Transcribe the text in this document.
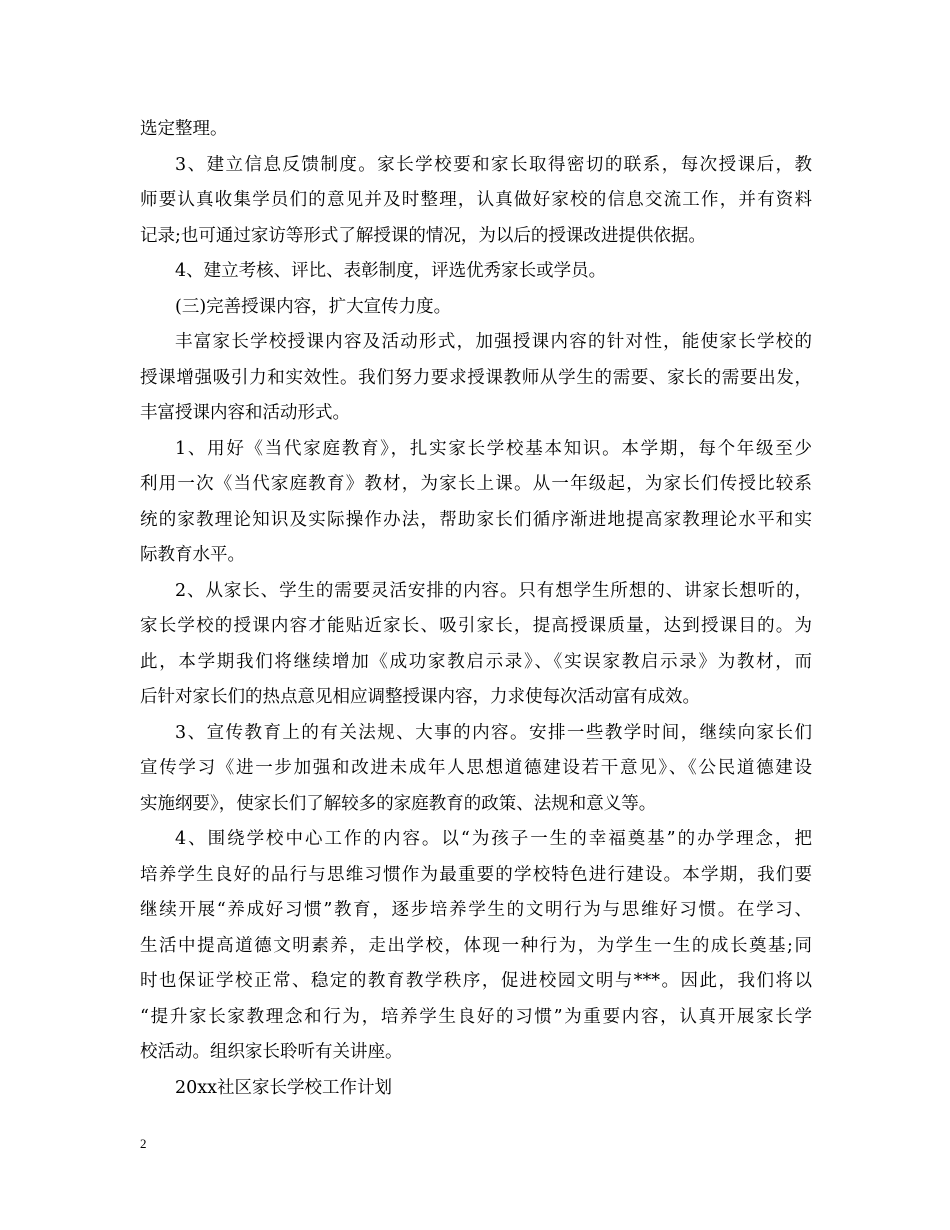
选定整理。
3、建立信息反馈制度。家长学校要和家长取得密切的联系，每次授课后，教
师要认真收集学员们的意见并及时整理，认真做好家校的信息交流工作，并有资料
记录;也可通过家访等形式了解授课的情况，为以后的授课改进提供依据。
4、建立考核、评比、表彰制度，评选优秀家长或学员。
(三)完善授课内容，扩大宣传力度。
丰富家长学校授课内容及活动形式，加强授课内容的针对性，能使家长学校的
授课增强吸引力和实效性。我们努力要求授课教师从学生的需要、家长的需要出发，
丰富授课内容和活动形式。
1、用好《当代家庭教育》，扎实家长学校基本知识。本学期，每个年级至少
利用一次《当代家庭教育》教材，为家长上课。从一年级起，为家长们传授比较系
统的家教理论知识及实际操作办法，帮助家长们循序渐进地提高家教理论水平和实
际教育水平。
2、从家长、学生的需要灵活安排的内容。只有想学生所想的、讲家长想听的，
家长学校的授课内容才能贴近家长、吸引家长，提高授课质量，达到授课目的。为
此，本学期我们将继续增加《成功家教启示录》、《实误家教启示录》为教材，而
后针对家长们的热点意见相应调整授课内容，力求使每次活动富有成效。
3、宣传教育上的有关法规、大事的内容。安排一些教学时间，继续向家长们
宣传学习《进一步加强和改进未成年人思想道德建设若干意见》、《公民道德建设
实施纲要》，使家长们了解较多的家庭教育的政策、法规和意义等。
4、围绕学校中心工作的内容。以“为孩子一生的幸福奠基”的办学理念，把
培养学生良好的品行与思维习惯作为最重要的学校特色进行建设。本学期，我们要
继续开展“养成好习惯”教育，逐步培养学生的文明行为与思维好习惯。在学习、
生活中提高道德文明素养，走出学校，体现一种行为，为学生一生的成长奠基;同
时也保证学校正常、稳定的教育教学秩序，促进校园文明与***。因此，我们将以
“提升家长家教理念和行为，培养学生良好的习惯”为重要内容，认真开展家长学
校活动。组织家长聆听有关讲座。
20xx社区家长学校工作计划
2
